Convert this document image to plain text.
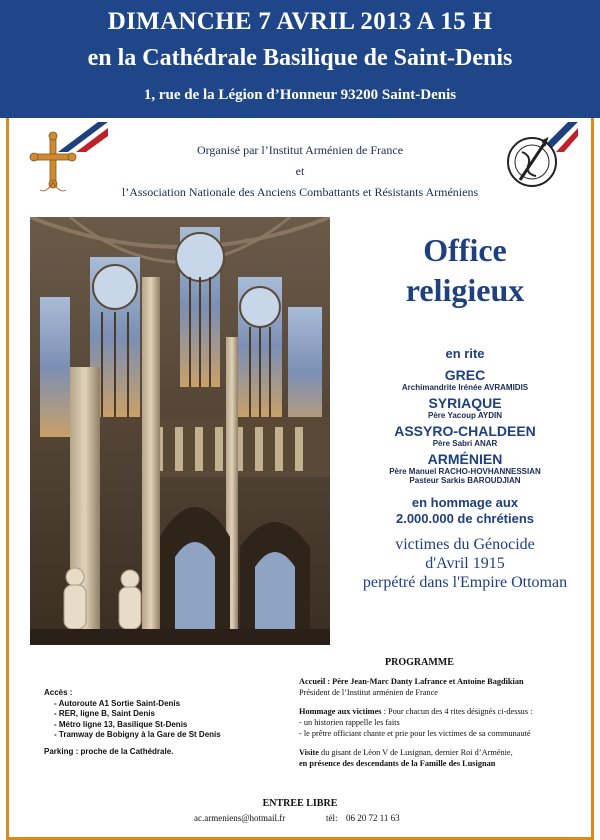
DIMANCHE 7 AVRIL 2013 A 15 H
en la Cathédrale Basilique de Saint-Denis
1, rue de la Légion d’Honneur 93200 Saint-Denis
Organisé par l’Institut Arménien de France
et
l’Association Nationale des Anciens Combattants et Résistants Arméniens
Office
religieux
en rite
GREC
Archimandrite Irénée AVRAMIDIS
SYRIAQUE
Père Yacoup AYDIN
ASSYRO-CHALDEEN
Père Sabri ANAR
ARMÉNIEN
Père Manuel RACHO-HOVHANNESSIAN
Pasteur Sarkis BAROUDJIAN
en hommage aux
2.000.000 de chrétiens
victimes du Génocide
d'Avril 1915
perpétré dans l'Empire Ottoman
PROGRAMME
Accueil : Père Jean-Marc Danty Lafrance et Antoine Bagdikian
Président de l’Institut arménien de France
Hommage aux victimes : Pour chacun des 4 rites désignés ci-dessus :
- un historien rappelle les faits
- le prêtre officiant chante et prie pour les victimes de sa communauté
Visite du gisant de Léon V de Lusignan, dernier Roi d’Arménie,
en présence des descendants de la Famille des Lusignan
Accès :
- Autoroute A1 Sortie Saint-Denis
- RER, ligne B, Saint Denis
- Métro ligne 13, Basilique St-Denis
- Tramway de Bobigny à la Gare de St Denis
Parking : proche de la Cathédrale.
ENTREE LIBRE
ac.armeniens@hotmail.fr	tél: 06 20 72 11 63
